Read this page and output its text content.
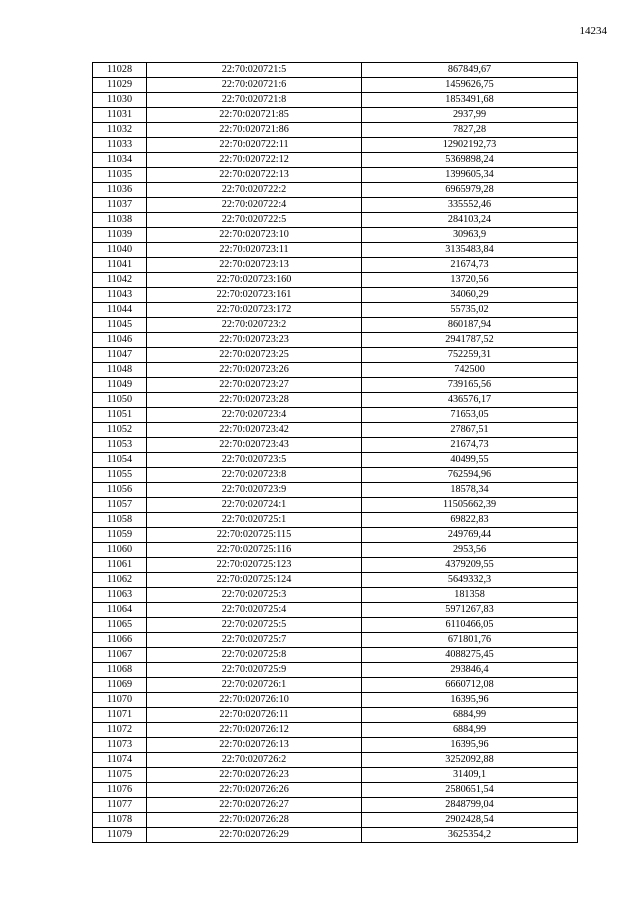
14234
11028	22:70:020721:5	867849,67
11029	22:70:020721:6	1459626,75
11030	22:70:020721:8	1853491,68
11031	22:70:020721:85	2937,99
11032	22:70:020721:86	7827,28
11033	22:70:020722:11	12902192,73
11034	22:70:020722:12	5369898,24
11035	22:70:020722:13	1399605,34
11036	22:70:020722:2	6965979,28
11037	22:70:020722:4	335552,46
11038	22:70:020722:5	284103,24
11039	22:70:020723:10	30963,9
11040	22:70:020723:11	3135483,84
11041	22:70:020723:13	21674,73
11042	22:70:020723:160	13720,56
11043	22:70:020723:161	34060,29
11044	22:70:020723:172	55735,02
11045	22:70:020723:2	860187,94
11046	22:70:020723:23	2941787,52
11047	22:70:020723:25	752259,31
11048	22:70:020723:26	742500
11049	22:70:020723:27	739165,56
11050	22:70:020723:28	436576,17
11051	22:70:020723:4	71653,05
11052	22:70:020723:42	27867,51
11053	22:70:020723:43	21674,73
11054	22:70:020723:5	40499,55
11055	22:70:020723:8	762594,96
11056	22:70:020723:9	18578,34
11057	22:70:020724:1	11505662,39
11058	22:70:020725:1	69822,83
11059	22:70:020725:115	249769,44
11060	22:70:020725:116	2953,56
11061	22:70:020725:123	4379209,55
11062	22:70:020725:124	5649332,3
11063	22:70:020725:3	181358
11064	22:70:020725:4	5971267,83
11065	22:70:020725:5	6110466,05
11066	22:70:020725:7	671801,76
11067	22:70:020725:8	4088275,45
11068	22:70:020725:9	293846,4
11069	22:70:020726:1	6660712,08
11070	22:70:020726:10	16395,96
11071	22:70:020726:11	6884,99
11072	22:70:020726:12	6884,99
11073	22:70:020726:13	16395,96
11074	22:70:020726:2	3252092,88
11075	22:70:020726:23	31409,1
11076	22:70:020726:26	2580651,54
11077	22:70:020726:27	2848799,04
11078	22:70:020726:28	2902428,54
11079	22:70:020726:29	3625354,2
